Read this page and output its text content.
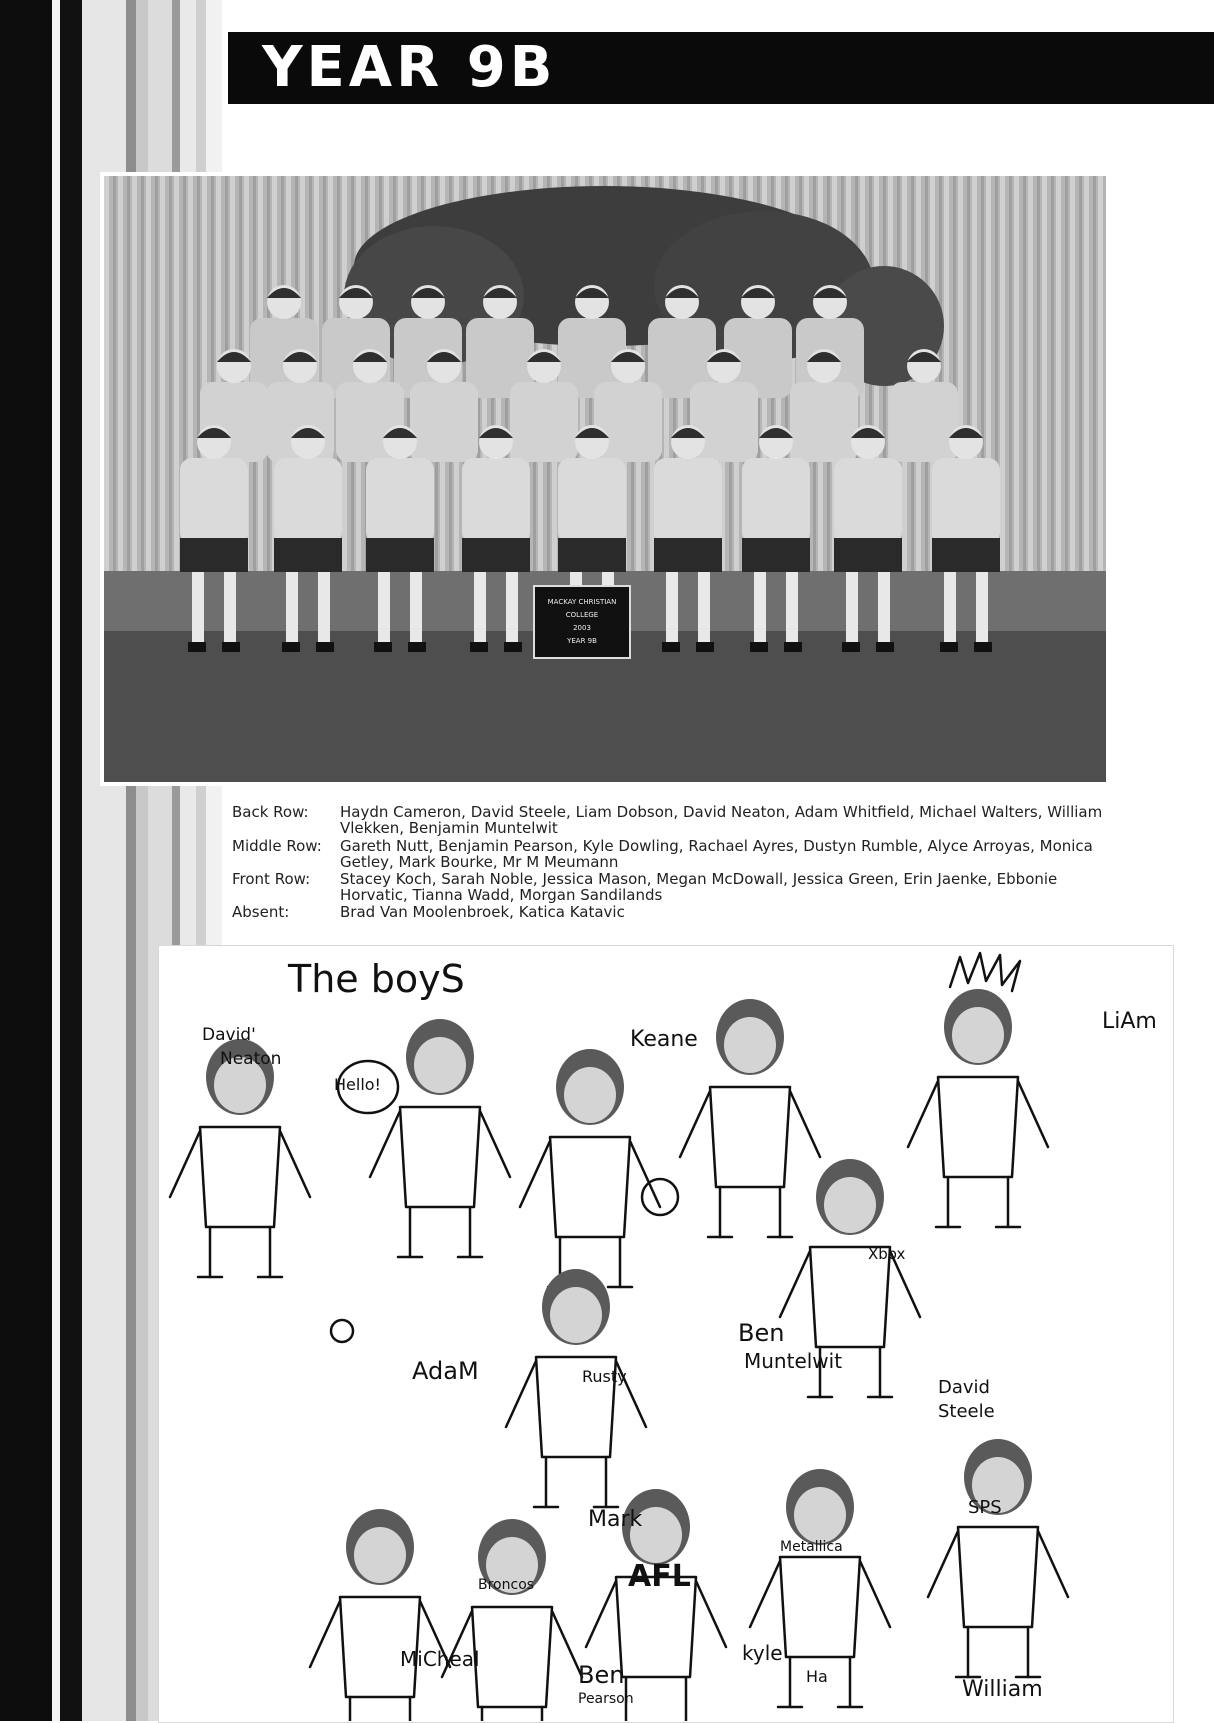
YEAR 9B
MACKAY CHRISTIAN
COLLEGE
2003
YEAR 9B
Back Row: Haydn Cameron, David Steele, Liam Dobson, David Neaton, Adam Whitfield, Michael Walters, William Vlekken, Benjamin Muntelwit
Middle Row: Gareth Nutt, Benjamin Pearson, Kyle Dowling, Rachael Ayres, Dustyn Rumble, Alyce Arroyas, Monica Getley, Mark Bourke, Mr M Meumann
Front Row: Stacey Koch, Sarah Noble, Jessica Mason, Megan McDowall, Jessica Green, Erin Jaenke, Ebbonie Horvatic, Tianna Wadd, Morgan Sandilands
Absent:	Brad Van Moolenbroek, Katica Katavic
The boyS
David'
Neaton
Hello!
AdaM
Keane
Rusty
Mark
Ben
Muntelwit
Xbox
David
Steele
LiAm
MiCheal
Broncos
Ben
Pearson
AFL
kyle
Metallica
Ha
SPS
William
